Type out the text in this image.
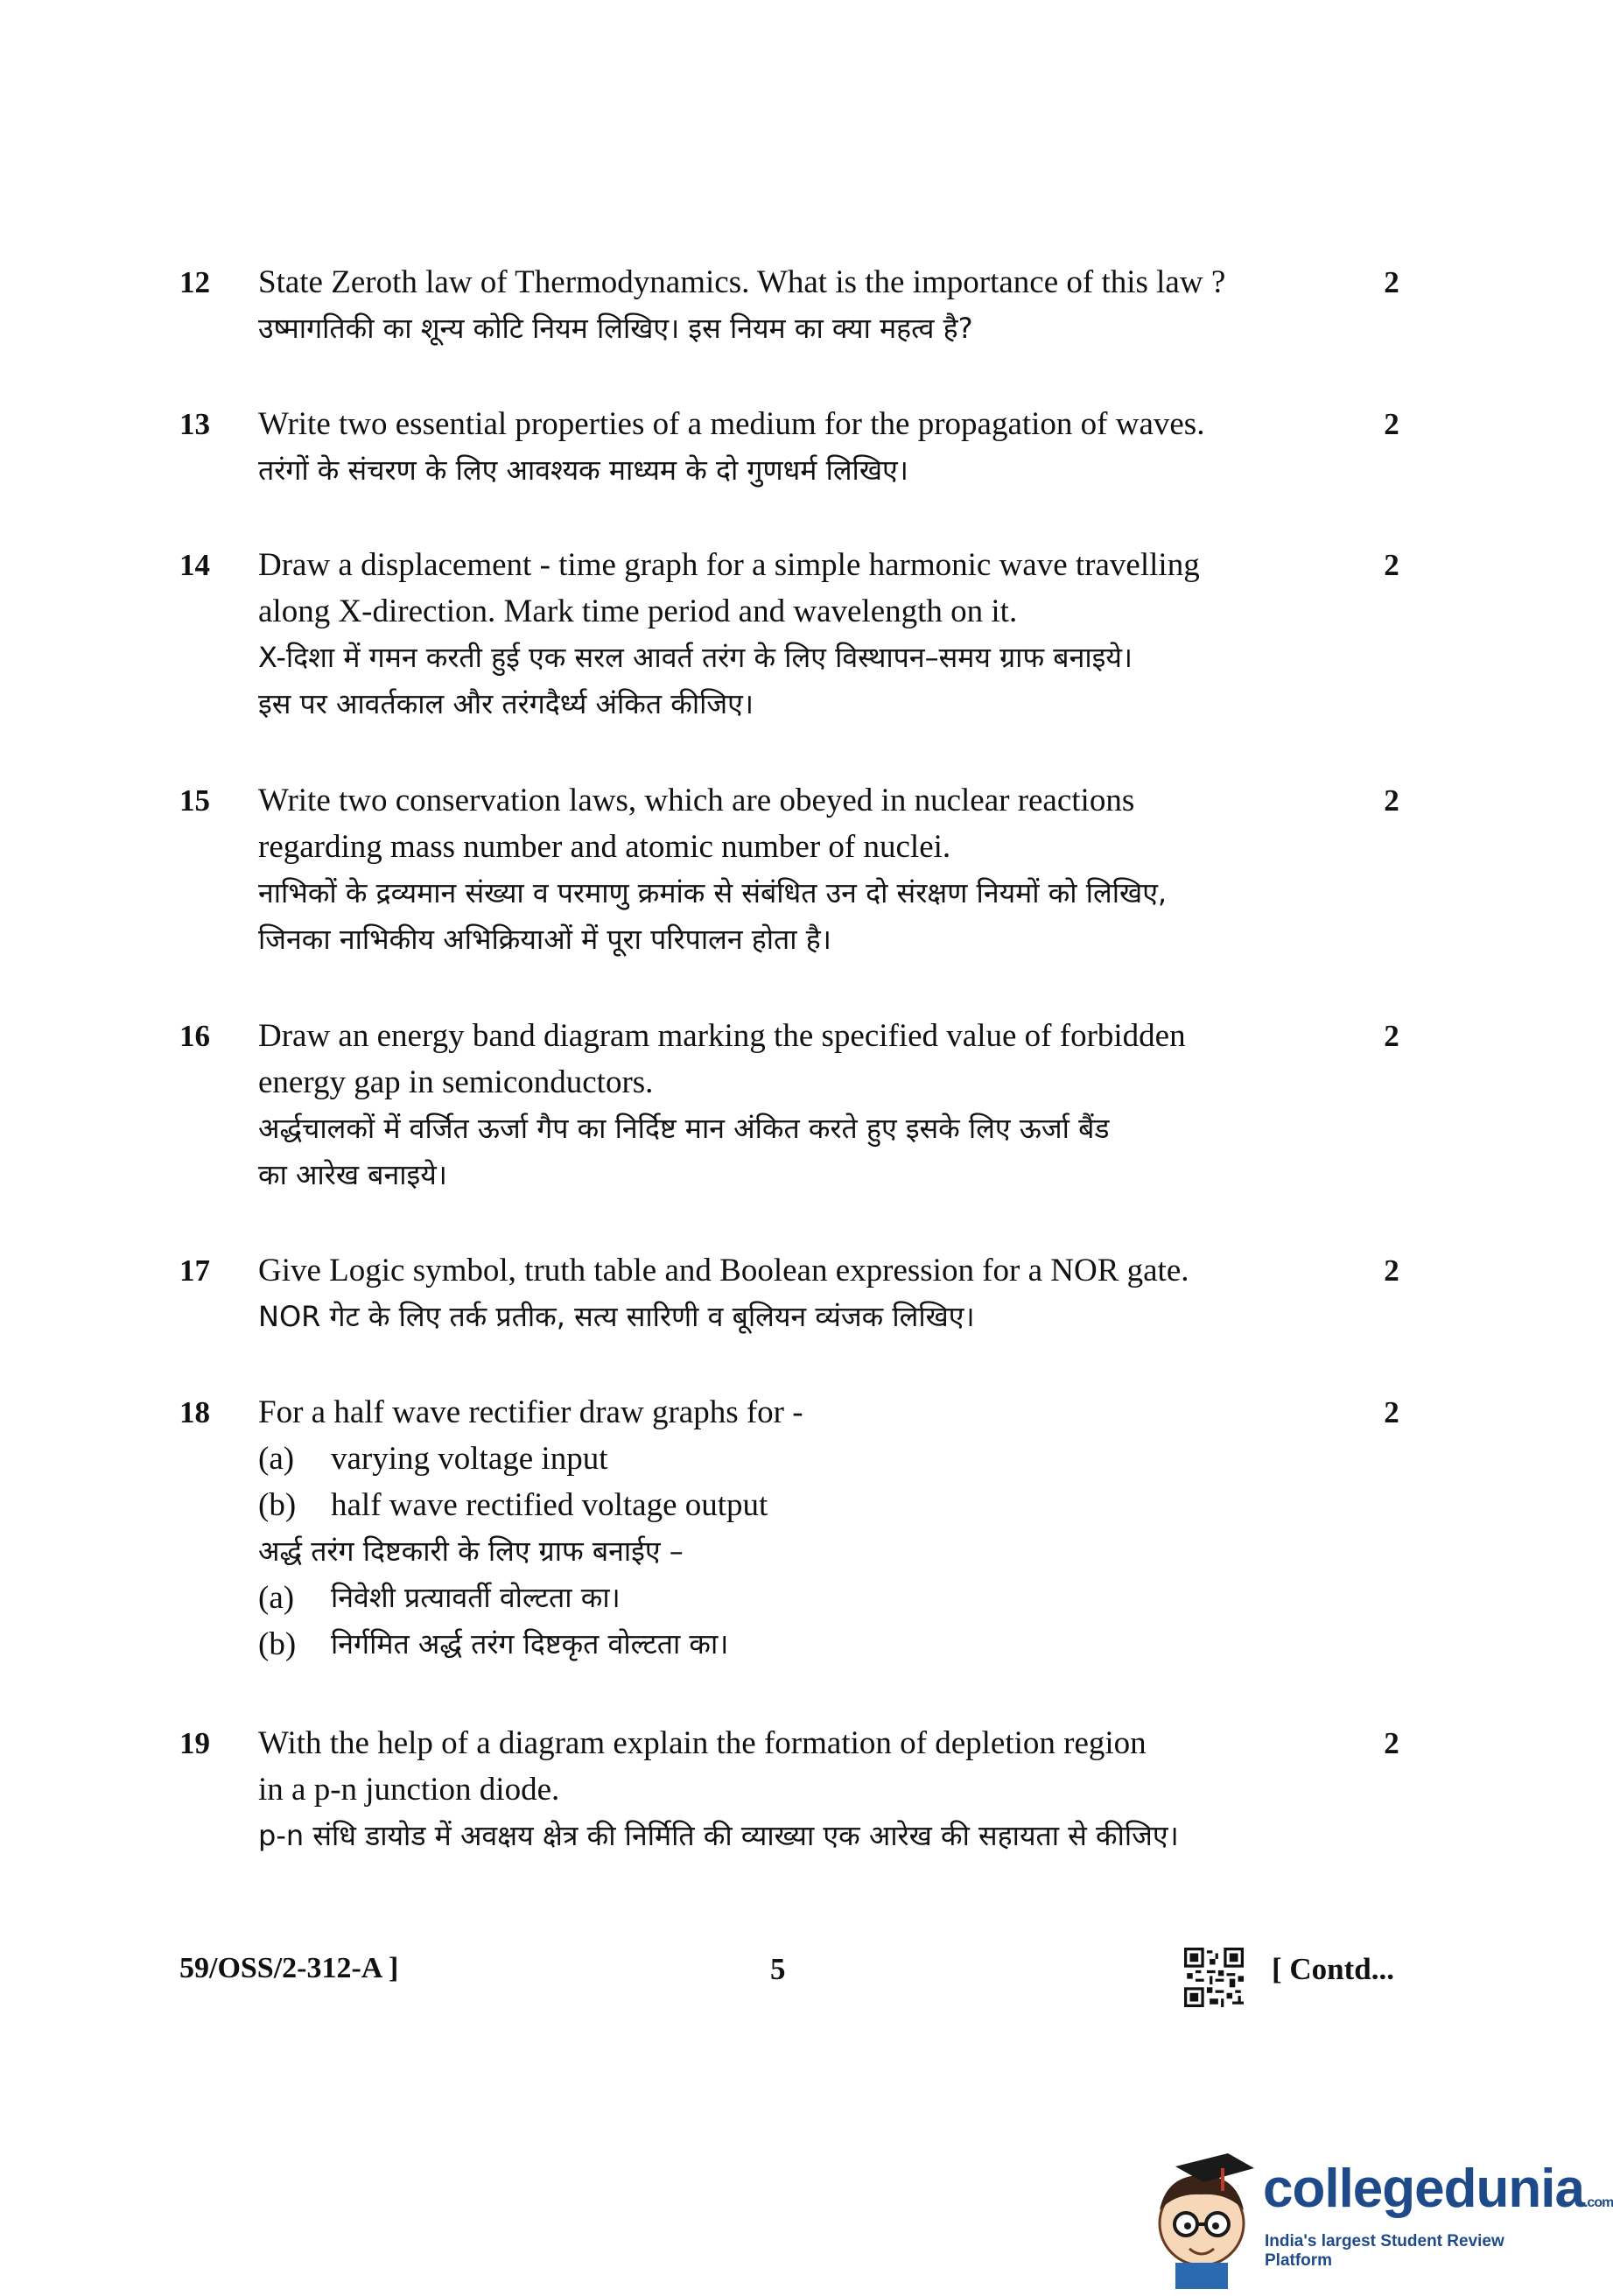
12	State Zeroth law of Thermodynamics. What is the importance of this law ?
उष्मागतिकी का शून्य कोटि नियम लिखिए। इस नियम का क्या महत्व है?
2
13	Write two essential properties of a medium for the propagation of waves.
तरंगों के संचरण के लिए आवश्यक माध्यम के दो गुणधर्म लिखिए।
2
14	Draw a displacement - time graph for a simple harmonic wave travelling
along X-direction. Mark time period and wavelength on it.
X-दिशा में गमन करती हुई एक सरल आवर्त तरंग के लिए विस्थापन–समय ग्राफ बनाइये।
इस पर आवर्तकाल और तरंगदैर्ध्य अंकित कीजिए।
2
15	Write two conservation laws, which are obeyed in nuclear reactions
regarding mass number and atomic number of nuclei.
नाभिकों के द्रव्यमान संख्या व परमाणु क्रमांक से संबंधित उन दो संरक्षण नियमों को लिखिए,
जिनका नाभिकीय अभिक्रियाओं में पूरा परिपालन होता है।
2
16	Draw an energy band diagram marking the specified value of forbidden
energy gap in semiconductors.
अर्द्धचालकों में वर्जित ऊर्जा गैप का निर्दिष्ट मान अंकित करते हुए इसके लिए ऊर्जा बैंड
का आरेख बनाइये।
2
17	Give Logic symbol, truth table and Boolean expression for a NOR gate.
NOR गेट के लिए तर्क प्रतीक, सत्य सारिणी व बूलियन व्यंजक लिखिए।
2
18	For a half wave rectifier draw graphs for -
(a)	varying voltage input
(b)	half wave rectified voltage output
अर्द्ध तरंग दिष्टकारी के लिए ग्राफ बनाईए –
(a)	निवेशी प्रत्यावर्ती वोल्टता का।
(b)	निर्गमित अर्द्ध तरंग दिष्टकृत वोल्टता का।
2
19	With the help of a diagram explain the formation of depletion region
in a p-n junction diode.
p-n संधि डायोड में अवक्षय क्षेत्र की निर्मिति की व्याख्या एक आरेख की सहायता से कीजिए।
2
59/OSS/2-312-A ]	5	[ Contd...
collegedunia.com
India's largest Student Review Platform
